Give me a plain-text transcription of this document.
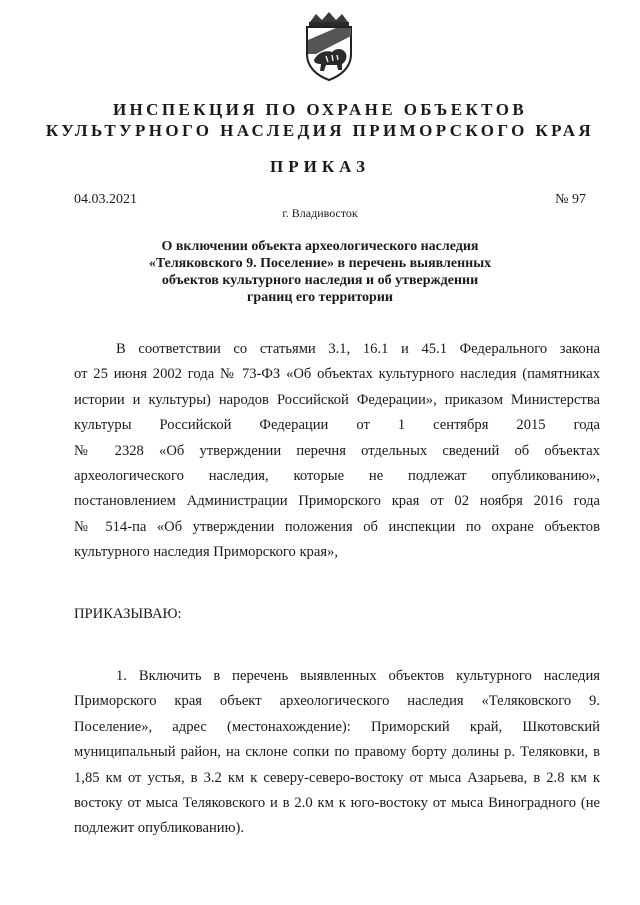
ИНСПЕКЦИЯ ПО ОХРАНЕ ОБЪЕКТОВ
КУЛЬТУРНОГО НАСЛЕДИЯ ПРИМОРСКОГО КРАЯ
ПРИКАЗ
04.03.2021	№ 97
г. Владивосток
О включении объекта археологического наследия
«Теляковского 9. Поселение» в перечень выявленных
объектов культурного наследия и об утверждении
границ его территории
В соответствии со статьями 3.1, 16.1 и 45.1 Федерального закона
от 25 июня 2002 года № 73-ФЗ «Об объектах культурного наследия (памятниках
истории и культуры) народов Российской Федерации», приказом Министерства
культуры Российской Федерации от 1 сентября 2015 года
№ 2328 «Об утверждении перечня отдельных сведений об объектах
археологического наследия, которые не подлежат опубликованию»,
постановлением Администрации Приморского края от 02 ноября 2016 года
№ 514-па «Об утверждении положения об инспекции по охране объектов
культурного наследия Приморского края»,
ПРИКАЗЫВАЮ:
1. Включить в перечень выявленных объектов культурного наследия
Приморского края объект археологического наследия «Теляковского 9.
Поселение», адрес (местонахождение): Приморский край, Шкотовский
муниципальный район, на склоне сопки по правому борту долины р. Теляковки, в
1,85 км от устья, в 3.2 км к северу-северо-востоку от мыса Азарьева, в 2.8 км к
востоку от мыса Теляковского и в 2.0 км к юго-востоку от мыса Виноградного (не
подлежит опубликованию).
